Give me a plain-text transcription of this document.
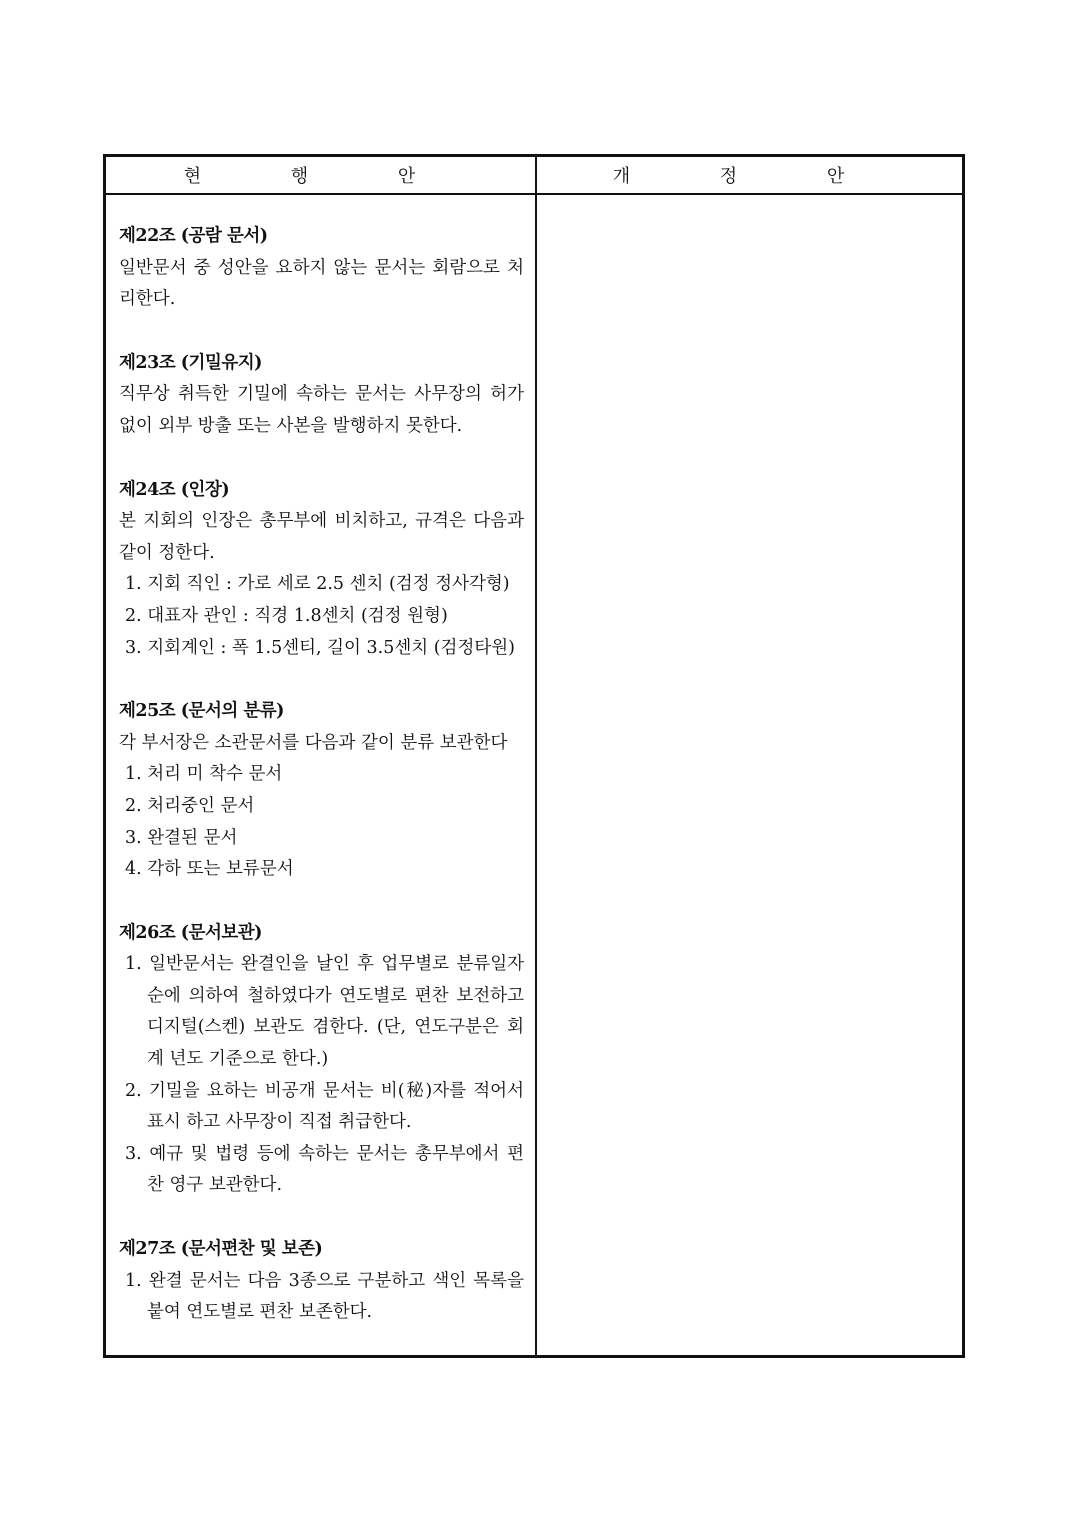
현 행 안	개 정 안
제22조 (공람 문서)
일반문서 중 성안을 요하지 않는 문서는 회람으로 처리한다.
제23조 (기밀유지)
직무상 취득한 기밀에 속하는 문서는 사무장의 허가 없이 외부 방출 또는 사본을 발행하지 못한다.
제24조 (인장)
본 지회의 인장은 총무부에 비치하고, 규격은 다음과 같이 정한다.
1. 지회 직인 : 가로 세로 2.5 센치 (검정 정사각형)
2. 대표자 관인 : 직경 1.8센치 (검정 원형)
3. 지회계인 : 폭 1.5센티, 길이 3.5센치 (검정타원)
제25조 (문서의 분류)
각 부서장은 소관문서를 다음과 같이 분류 보관한다
1. 처리 미 착수 문서
2. 처리중인 문서
3. 완결된 문서
4. 각하 또는 보류문서
제26조 (문서보관)
1. 일반문서는 완결인을 날인 후 업무별로 분류일자 순에 의하여 철하였다가 연도별로 편찬 보전하고 디지털(스켄) 보관도 겸한다. (단, 연도구분은 회계 년도 기준으로 한다.)
2. 기밀을 요하는 비공개 문서는 비(秘)자를 적어서 표시 하고 사무장이 직접 취급한다.
3. 예규 및 법령 등에 속하는 문서는 총무부에서 편찬 영구 보관한다.
제27조 (문서편찬 및 보존)
1. 완결 문서는 다음 3종으로 구분하고 색인 목록을 붙여 연도별로 편찬 보존한다.
